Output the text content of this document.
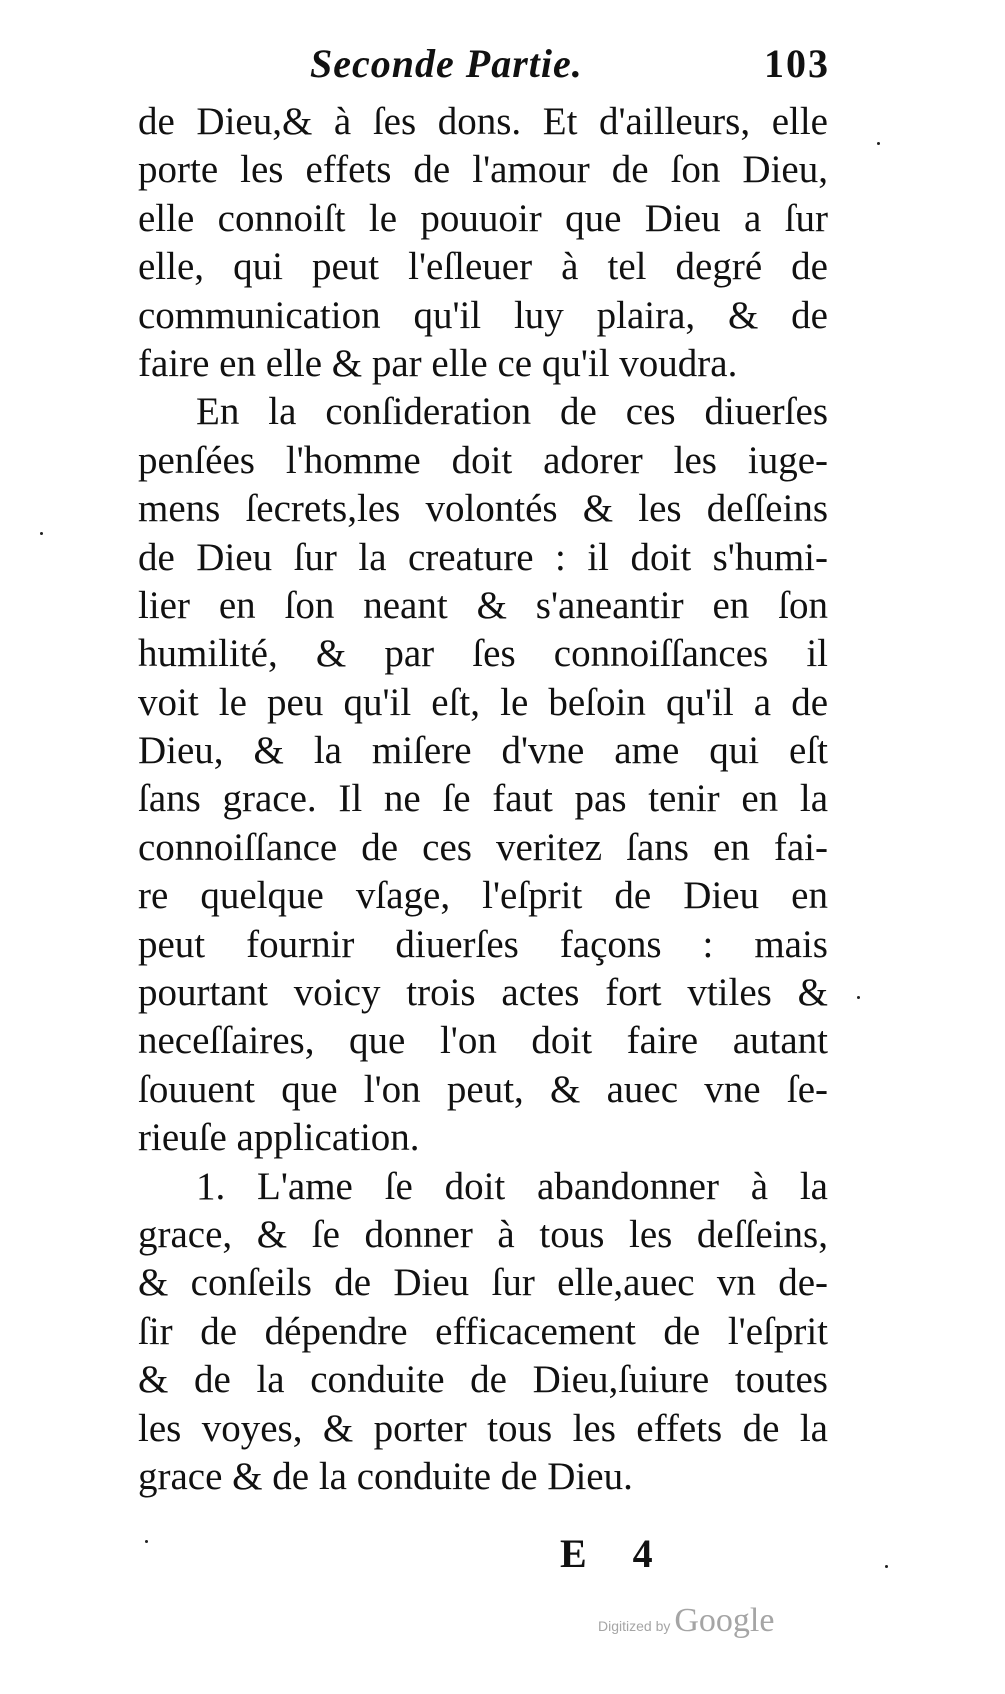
Seconde Partie.	103
de Dieu,& à ſes dons. Et d'ailleurs, elle
porte les effets de l'amour de ſon Dieu,
elle connoiſt le pouuoir que Dieu a ſur
elle, qui peut l'eſleuer à tel degré de
communication qu'il luy plaira, & de
faire en elle & par elle ce qu'il voudra.
En la conſideration de ces diuerſes
penſées l'homme doit adorer les iuge-
mens ſecrets,les volontés & les deſſeins
de Dieu ſur la creature : il doit s'humi-
lier en ſon neant & s'aneantir en ſon
humilité, & par ſes connoiſſances il
voit le peu qu'il eſt, le beſoin qu'il a de
Dieu, & la miſere d'vne ame qui eſt
ſans grace. Il ne ſe faut pas tenir en la
connoiſſance de ces veritez ſans en fai-
re quelque vſage, l'eſprit de Dieu en
peut fournir diuerſes façons : mais
pourtant voicy trois actes fort vtiles &
neceſſaires, que l'on doit faire autant
ſouuent que l'on peut, & auec vne ſe-
rieuſe application.
1. L'ame ſe doit abandonner à la
grace, & ſe donner à tous les deſſeins,
& conſeils de Dieu ſur elle,auec vn de-
ſir de dépendre efficacement de l'eſprit
& de la conduite de Dieu,ſuiure toutes
les voyes, & porter tous les effets de la
grace & de la conduite de Dieu.
E 4
Digitized by Google
